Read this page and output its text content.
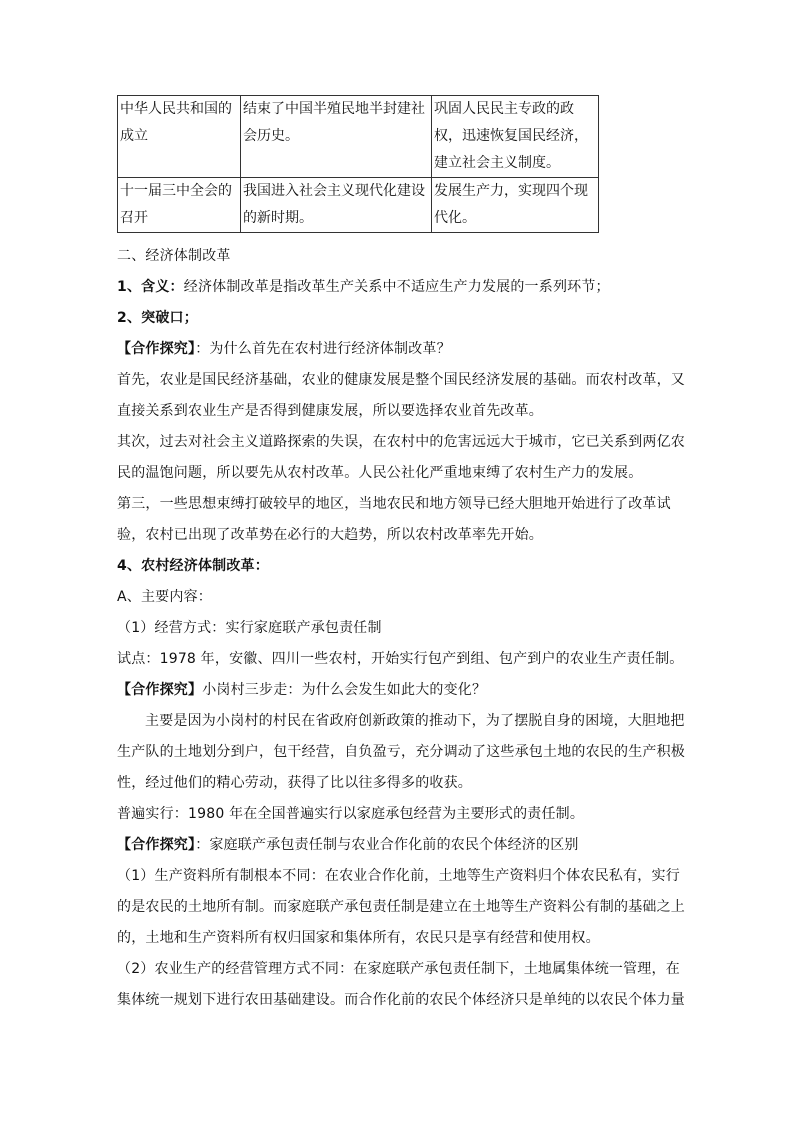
中华人民共和国的成立	结束了中国半殖民地半封建社会历史。	巩固人民民主专政的政权，迅速恢复国民经济，建立社会主义制度。
十一届三中全会的召开	我国进入社会主义现代化建设的新时期。	发展生产力，实现四个现代化。

二、经济体制改革

1、含义：经济体制改革是指改革生产关系中不适应生产力发展的一系列环节；

2、突破口；

【合作探究】：为什么首先在农村进行经济体制改革？

首先，农业是国民经济基础，农业的健康发展是整个国民经济发展的基础。而农村改革，又直接关系到农业生产是否得到健康发展，所以要选择农业首先改革。

其次，过去对社会主义道路探索的失误，在农村中的危害远远大于城市，它已关系到两亿农民的温饱问题，所以要先从农村改革。人民公社化严重地束缚了农村生产力的发展。

第三，一些思想束缚打破较早的地区，当地农民和地方领导已经大胆地开始进行了改革试验，农村已出现了改革势在必行的大趋势，所以农村改革率先开始。

4、农村经济体制改革：

A、主要内容：

（1）经营方式：实行家庭联产承包责任制

试点：1978 年，安徽、四川一些农村，开始实行包产到组、包产到户的农业生产责任制。

【合作探究】小岗村三步走：为什么会发生如此大的变化？

主要是因为小岗村的村民在省政府创新政策的推动下，为了摆脱自身的困境，大胆地把生产队的土地划分到户，包干经营，自负盈亏，充分调动了这些承包土地的农民的生产积极性，经过他们的精心劳动，获得了比以往多得多的收获。

普遍实行：1980 年在全国普遍实行以家庭承包经营为主要形式的责任制。

【合作探究】：家庭联产承包责任制与农业合作化前的农民个体经济的区别

（1）生产资料所有制根本不同：在农业合作化前，土地等生产资料归个体农民私有，实行的是农民的土地所有制。而家庭联产承包责任制是建立在土地等生产资料公有制的基础之上的，土地和生产资料所有权归国家和集体所有，农民只是享有经营和使用权。

（2）农业生产的经营管理方式不同：在家庭联产承包责任制下，土地属集体统一管理，在集体统一规划下进行农田基础建设。而合作化前的农民个体经济只是单纯的以农民个体力量
